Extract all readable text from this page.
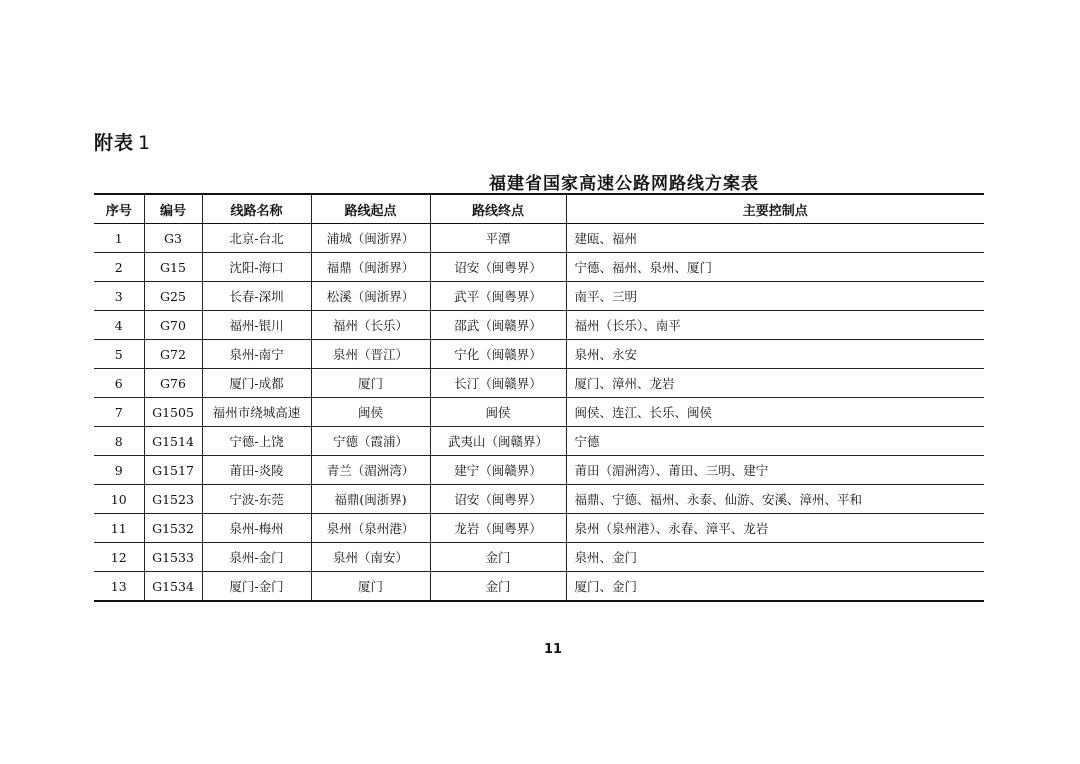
附表 1
福建省国家高速公路网路线方案表
序号	编号	线路名称	路线起点	路线终点	主要控制点
1	G3	北京-台北	浦城（闽浙界）	平潭	建瓯、福州
2	G15	沈阳-海口	福鼎（闽浙界）	诏安（闽粤界）	宁德、福州、泉州、厦门
3	G25	长春-深圳	松溪（闽浙界）	武平（闽粤界）	南平、三明
4	G70	福州-银川	福州（长乐）	邵武（闽赣界）	福州（长乐）、南平
5	G72	泉州-南宁	泉州（晋江）	宁化（闽赣界）	泉州、永安
6	G76	厦门-成都	厦门	长汀（闽赣界）	厦门、漳州、龙岩
7	G1505	福州市绕城高速	闽侯	闽侯	闽侯、连江、长乐、闽侯
8	G1514	宁德-上饶	宁德（霞浦）	武夷山（闽赣界）	宁德
9	G1517	莆田-炎陵	青兰（湄洲湾）	建宁（闽赣界）	莆田（湄洲湾）、莆田、三明、建宁
10	G1523	宁波-东莞	福鼎(闽浙界)	诏安（闽粤界）	福鼎、宁德、福州、永泰、仙游、安溪、漳州、平和
11	G1532	泉州-梅州	泉州（泉州港）	龙岩（闽粤界）	泉州（泉州港）、永春、漳平、龙岩
12	G1533	泉州-金门	泉州（南安）	金门	泉州、金门
13	G1534	厦门-金门	厦门	金门	厦门、金门
11
